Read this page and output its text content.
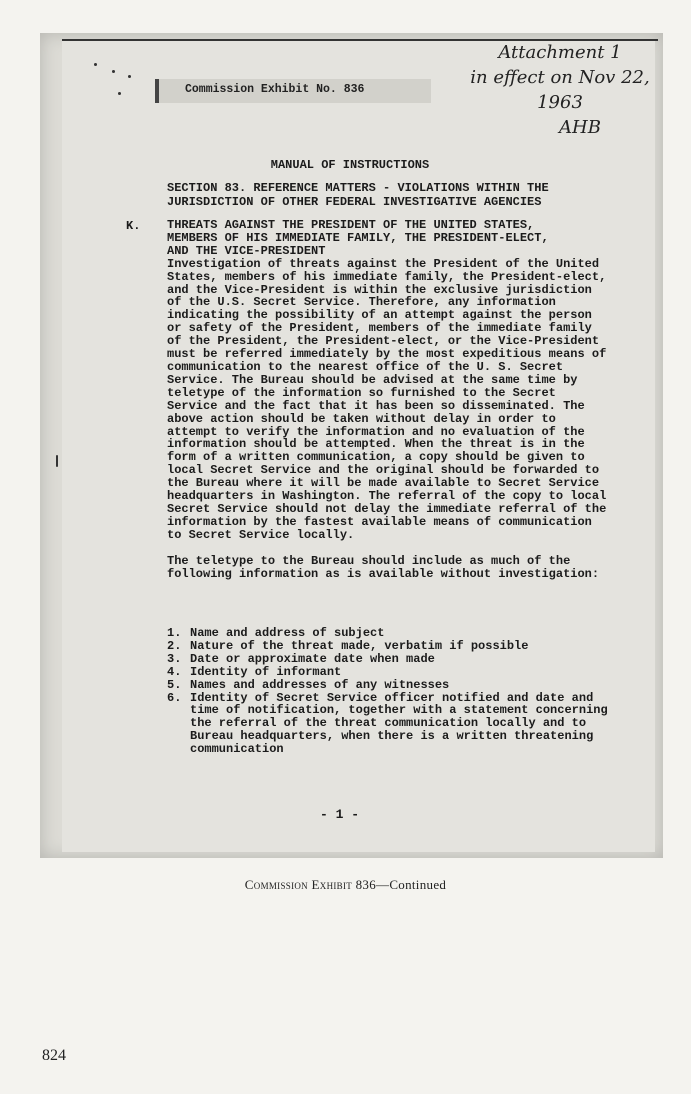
Commission Exhibit No. 836
Attachment 1
in effect on Nov 22, 1963
AHB
MANUAL OF INSTRUCTIONS
SECTION 83. REFERENCE MATTERS - VIOLATIONS WITHIN THE
JURISDICTION OF OTHER FEDERAL INVESTIGATIVE AGENCIES
K. THREATS AGAINST THE PRESIDENT OF THE UNITED STATES,

MEMBERS OF HIS IMMEDIATE FAMILY, THE PRESIDENT-ELECT,

AND THE VICE-PRESIDENT

Investigation of threats against the President of the United States, members of his immediate family, the President-elect, and the Vice-President is within the exclusive jurisdiction of the U.S. Secret Service. Therefore, any information indicating the possibility of an attempt against the person or safety of the President, members of the immediate family of the President, the President-elect, or the Vice-President must be referred immediately by the most expeditious means of communication to the nearest office of the U. S. Secret Service. The Bureau should be advised at the same time by teletype of the information so furnished to the Secret Service and the fact that it has been so disseminated. The above action should be taken without delay in order to attempt to verify the information and no evaluation of the information should be attempted. When the threat is in the form of a written communication, a copy should be given to local Secret Service and the original should be forwarded to the Bureau where it will be made available to Secret Service headquarters in Washington. The referral of the copy to local Secret Service should not delay the immediate referral of the information by the fastest available means of communication to Secret Service locally.

The teletype to the Bureau should include as much of the following information as is available without investigation:

1. Name and address of subject
2. Nature of the threat made, verbatim if possible
3. Date or approximate date when made
4. Identity of informant
5. Names and addresses of any witnesses
6. Identity of Secret Service officer notified and date and time of notification, together with a statement concerning the referral of the threat communication locally and to Bureau headquarters, when there is a written threatening communication
- 1 -
Commission Exhibit 836—Continued
824
